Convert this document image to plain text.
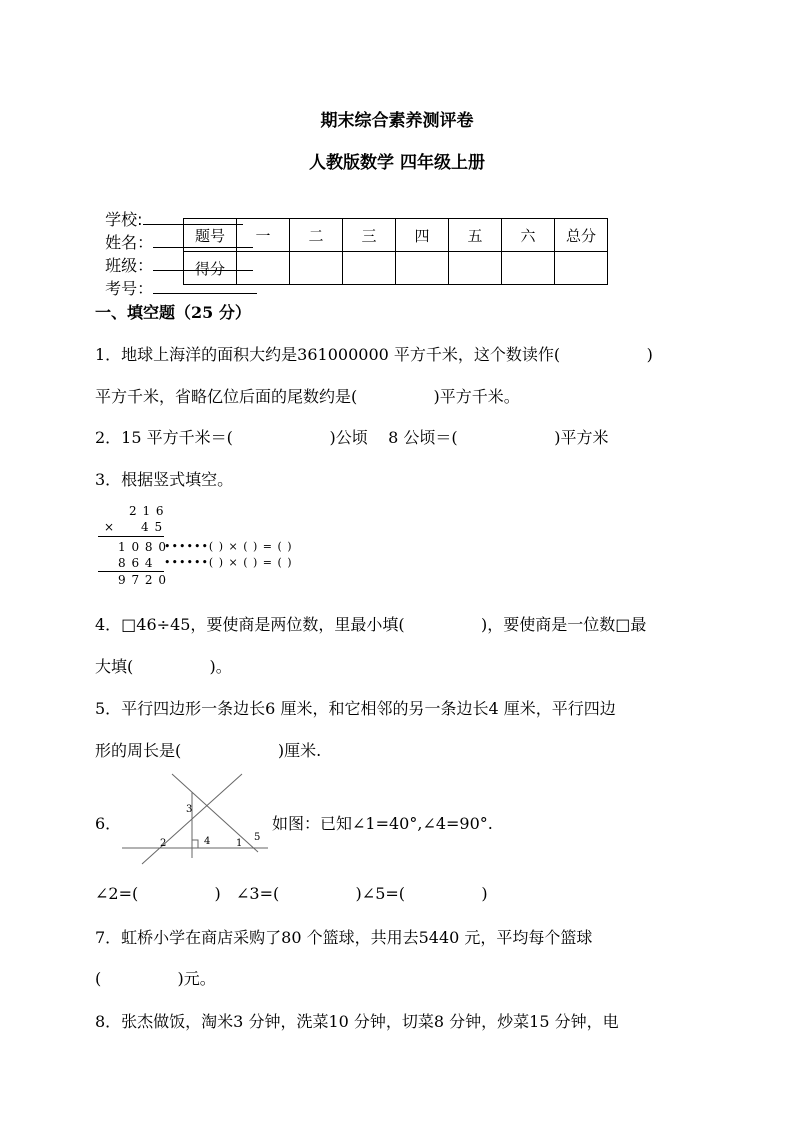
期末综合素养测评卷
人教版数学 四年级上册

学校:
姓名：
班级：
考号：

题号	一	二	三	四	五	六	总分
得分							
一、填空题（25 分）
1．地球上海洋的面积大约是361000000 平方千米，这个数读作(                 )
平方千米，省略亿位后面的尾数约是(               )平方千米。
2．15 平方千米＝(                   )公顷    8 公顷＝(                   )平方米
3．根据竖式填空。
2 1 6
× 4 5
1 0 8 0
••••••( ) × ( ) = ( )
8 6 4 ••••••( ) × ( ) = ( )
9 7 2 0
4．□46÷45，要使商是两位数，里最小填(               )，要使商是一位数□最
大填(               )。
5．平行四边形一条边长6 厘米，和它相邻的另一条边长4 厘米，平行四边
形的周长是(                   )厘米.
6．
1
2
3
4	5
如图：已知∠1=40°,∠4=90°.
∠2=(               )   ∠3=(               )∠5=(               )
7．虹桥小学在商店采购了80 个篮球，共用去5440 元，平均每个篮球
(               )元。
8．张杰做饭，淘米3 分钟，洗菜10 分钟，切菜8 分钟，炒菜15 分钟，电
